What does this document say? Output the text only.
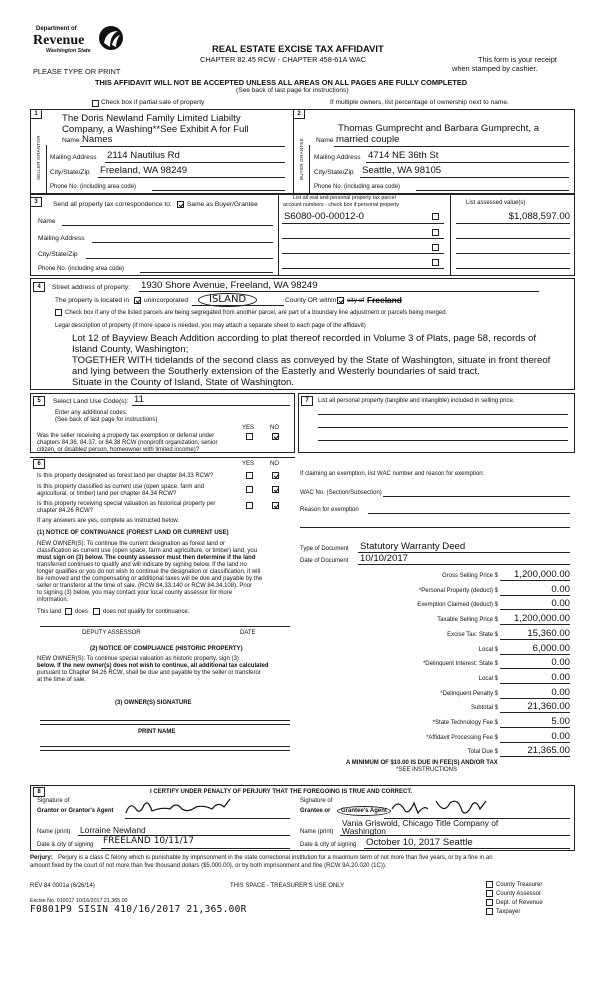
Department of
Revenue
Washington State
PLEASE TYPE OR PRINT
REAL ESTATE EXCISE TAX AFFIDAVIT
CHAPTER 82.45 RCW - CHAPTER 458-61A WAC	This form is your receipt
when stamped by cashier.
THIS AFFIDAVIT WILL NOT BE ACCEPTED UNLESS ALL AREAS ON ALL PAGES ARE FULLY COMPLETED
(See back of last page for instructions)
Check box if partial sale of property	If multiple owners, list percentage of ownership next to name.
1	2
The Doris Newland Family Limited Liabilty
Company, a Washing**See Exhibit A for Full
Name Names
SELLER GRANTOR Mailing Address 2114 Nautilus Rd
City/State/Zip Freeland, WA 98249
Phone No. (including area code)
Thomas Gumprecht and Barbara Gumprecht, a
Name married couple
BUYER GRANTEE Mailing Address 4714 NE 36th St
City/State/Zip Seattle, WA 98105
Phone No. (including area code)
3	Send all property tax correspondence to: Same as Buyer/Grantee
List all real and personal property tax parcel
account numbers - check box if personal property	List assessed value(s)
Name
Mailing Address
City/State/Zip
Phone No. (including area code)
S6080-00-00012-0	$1,088,597.00
4	Street address of property: 1930 Shore Avenue, Freeland, WA 98249
The property is located in unincorporated	ISLAND	County OR within city of Freeland
Check box if any of the listed parcels are being segregated from another parcel, are part of a boundary line adjustment or parcels being merged.
Legal description of property (if more space is needed, you may attach a separate sheet to each page of the affidavit)
Lot 12 of Bayview Beach Addition according to plat thereof recorded in Volume 3 of Plats, page 58, records of
Island County, Washington;
TOGETHER WITH tidelands of the second class as conveyed by the State of Washington, situate in front thereof
and lying between the Southerly extension of the Easterly and Westerly boundaries of said tract.
Situate in the County of Island, State of Washington.
5	Select Land Use Code(s): 11
Enter any additional codes:
(See back of last page for instructions)
YES	NO
Was the seller receiving a property tax exemption or deferral under
chapters 84.36, 84.37, or 84.38 RCW (nonprofit organization, senior
citizen, or disabled person, homeowner with limited income)?
6	YES	NO
Is this property designated as forest land per chapter 84.33 RCW?
Is this property classified as current use (open space, farm and
agricultural, or timber) land per chapter 84.34 RCW?
Is this property receiving special valuation as historical property per
chapter 84.26 RCW?
If any answers are yes, complete as instructed below.
(1) NOTICE OF CONTINUANCE (FOREST LAND OR CURRENT USE)
NEW OWNER(S): To continue the current designation as forest land or
classification as current use (open space, farm and agriculture, or timber) land, you
must sign on (3) below. The county assessor must then determine if the land
transferred continues to qualify and will indicate by signing below. If the land no
longer qualifies or you do not wish to continue the designation or classification, it will
be removed and the compensating or additional taxes will be due and payable by the
seller or transferor at the time of sale. (RCW 84.33.140 or RCW 84.34.108). Prior
to signing (3) below, you may contact your local county assessor for more
information.
This land does does not qualify for continuance.
DEPUTY ASSESSOR	DATE
(2) NOTICE OF COMPLIANCE (HISTORIC PROPERTY)
NEW OWNER(S): To continue special valuation as historic property, sign (3)
below. If the new owner(s) does not wish to continue, all additional tax calculated
pursuant to Chapter 84.26 RCW, shall be due and payable by the seller or transferor
at the time of sale.
(3) OWNER(S) SIGNATURE
PRINT NAME
7	List all personal property (tangible and intangible) included in selling price.
If claiming an exemption, list WAC number and reason for exemption:
WAC No. (Section/Subsection)
Reason for exemption
Type of Document Statutory Warranty Deed
Date of Document 10/10/2017
Gross Selling Price $	1,200,000.00
*Personal Property (deduct) $	0.00
Exemption Claimed (deduct) $	0.00
Taxable Selling Price $	1,200,000.00
Excise Tax: State $	15,360.00
Local $	6,000.00
*Delinquent Interest: State $	0.00
Local $	0.00
*Delinquent Penalty $	0.00
Subtotal $	21,360.00
*State Technology Fee $	5.00
*Affidavit Processing Fee $	0.00
Total Due $	21,365.00
A MINIMUM OF $10.00 IS DUE IN FEE(S) AND/OR TAX
*SEE INSTRUCTIONS
8	I CERTIFY UNDER PENALTY OF PERJURY THAT THE FOREGOING IS TRUE AND CORRECT.
Signature of
Grantor or Grantor's Agent
Name (print) Lorraine Newland
Date & city of signing FREELAND 10/11/17
Signature of
Grantee or	Grantee's Agent
Vania Griswold, Chicago Title Company of
Name (print) Washington
Date & city of signing October 10, 2017 Seattle
Perjury: Perjury is a class C felony which is punishable by imprisonment in the state correctional institution for a maximum term of not more than five years, or by a fine in an
amount fixed by the court of not more than five thousand dollars ($5,000.00), or by both imprisonment and fine (RCW 9A.20.020 (1C)).
REV 84 0001a (6/26/14)	THIS SPACE - TREASURER'S USE ONLY
Excise No. 010017 10/16/2017 21,365.00
F0801P9 SISIN 410/16/2017 21,365.00R
County Treasurer
County Assessor
Dept. of Revenue
Taxpayer
